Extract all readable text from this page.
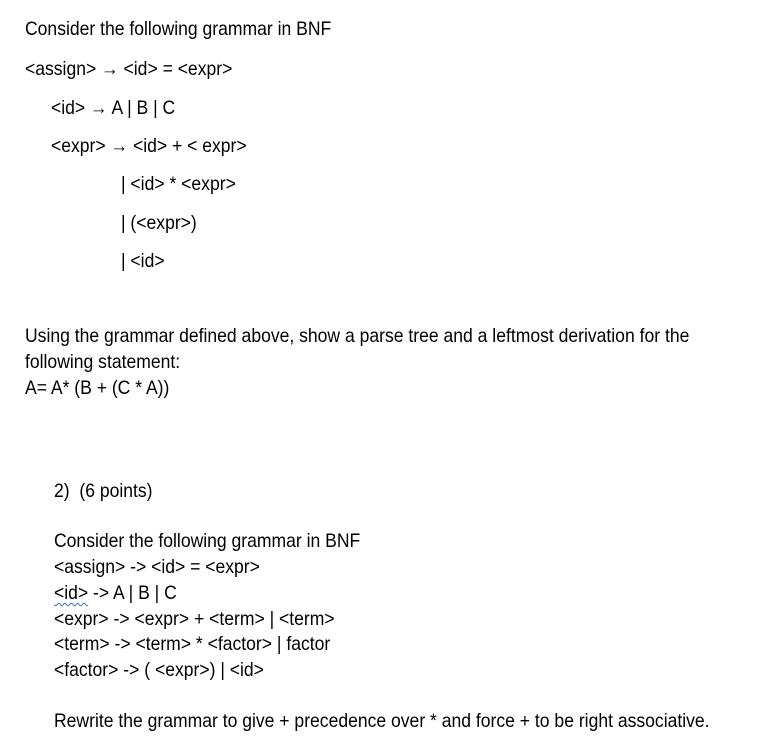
Consider the following grammar in BNF
<assign> → <id> = <expr>
<id> → A | B | C
<expr> → <id> + < expr>
| <id> * <expr>
| (<expr>)
| <id>
Using the grammar defined above, show a parse tree and a leftmost derivation for the
following statement:
A= A* (B + (C * A))
2)  (6 points)
Consider the following grammar in BNF
<assign> -> <id> = <expr>
<id> -> A | B | C
<expr> -> <expr> + <term> | <term>
<term> -> <term> * <factor> | factor
<factor> -> ( <expr>) | <id>
Rewrite the grammar to give + precedence over * and force + to be right associative.
